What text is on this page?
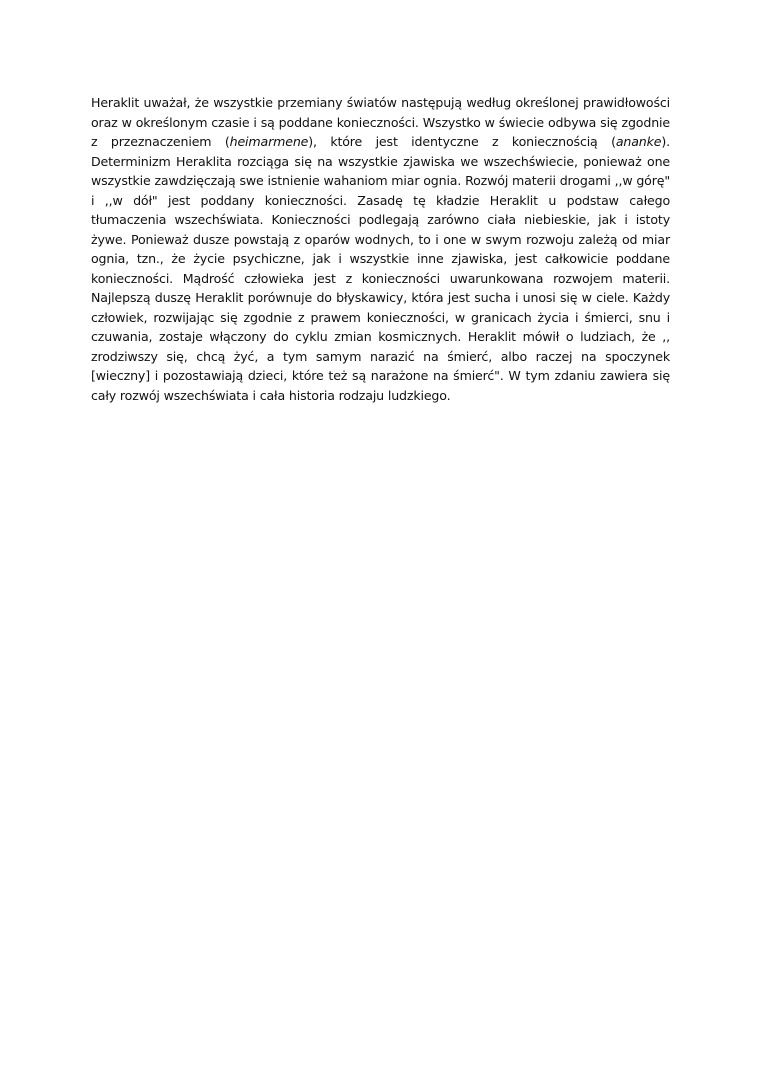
Heraklit uważał, że wszystkie przemiany światów następują według określonej prawidłowości oraz w określonym czasie i są poddane konieczności. Wszystko w świecie odbywa się zgodnie z przeznaczeniem (heimarmene), które jest identyczne z koniecznością (ananke). Determinizm Heraklita rozciąga się na wszystkie zjawiska we wszechświecie, ponieważ one wszystkie zawdzięczają swe istnienie wahaniom miar ognia. Rozwój materii drogami ,,w górę" i ,,w dół" jest poddany konieczności. Zasadę tę kładzie Heraklit u podstaw całego tłumaczenia wszechświata. Konieczności podlegają zarówno ciała niebieskie, jak i istoty żywe. Ponieważ dusze powstają z oparów wodnych, to i one w swym rozwoju zależą od miar ognia, tzn., że życie psychiczne, jak i wszystkie inne zjawiska, jest całkowicie poddane konieczności. Mądrość człowieka jest z konieczności uwarunkowana rozwojem materii. Najlepszą duszę Heraklit porównuje do błyskawicy, która jest sucha i unosi się w ciele. Każdy człowiek, rozwijając się zgodnie z prawem konieczności, w granicach życia i śmierci, snu i czuwania, zostaje włączony do cyklu zmian kosmicznych. Heraklit mówił o ludziach, że ,, zrodziwszy się, chcą żyć, a tym samym narazić na śmierć, albo raczej na spoczynek [wieczny] i pozostawiają dzieci, które też są narażone na śmierć". W tym zdaniu zawiera się cały rozwój wszechświata i cała historia rodzaju ludzkiego.
